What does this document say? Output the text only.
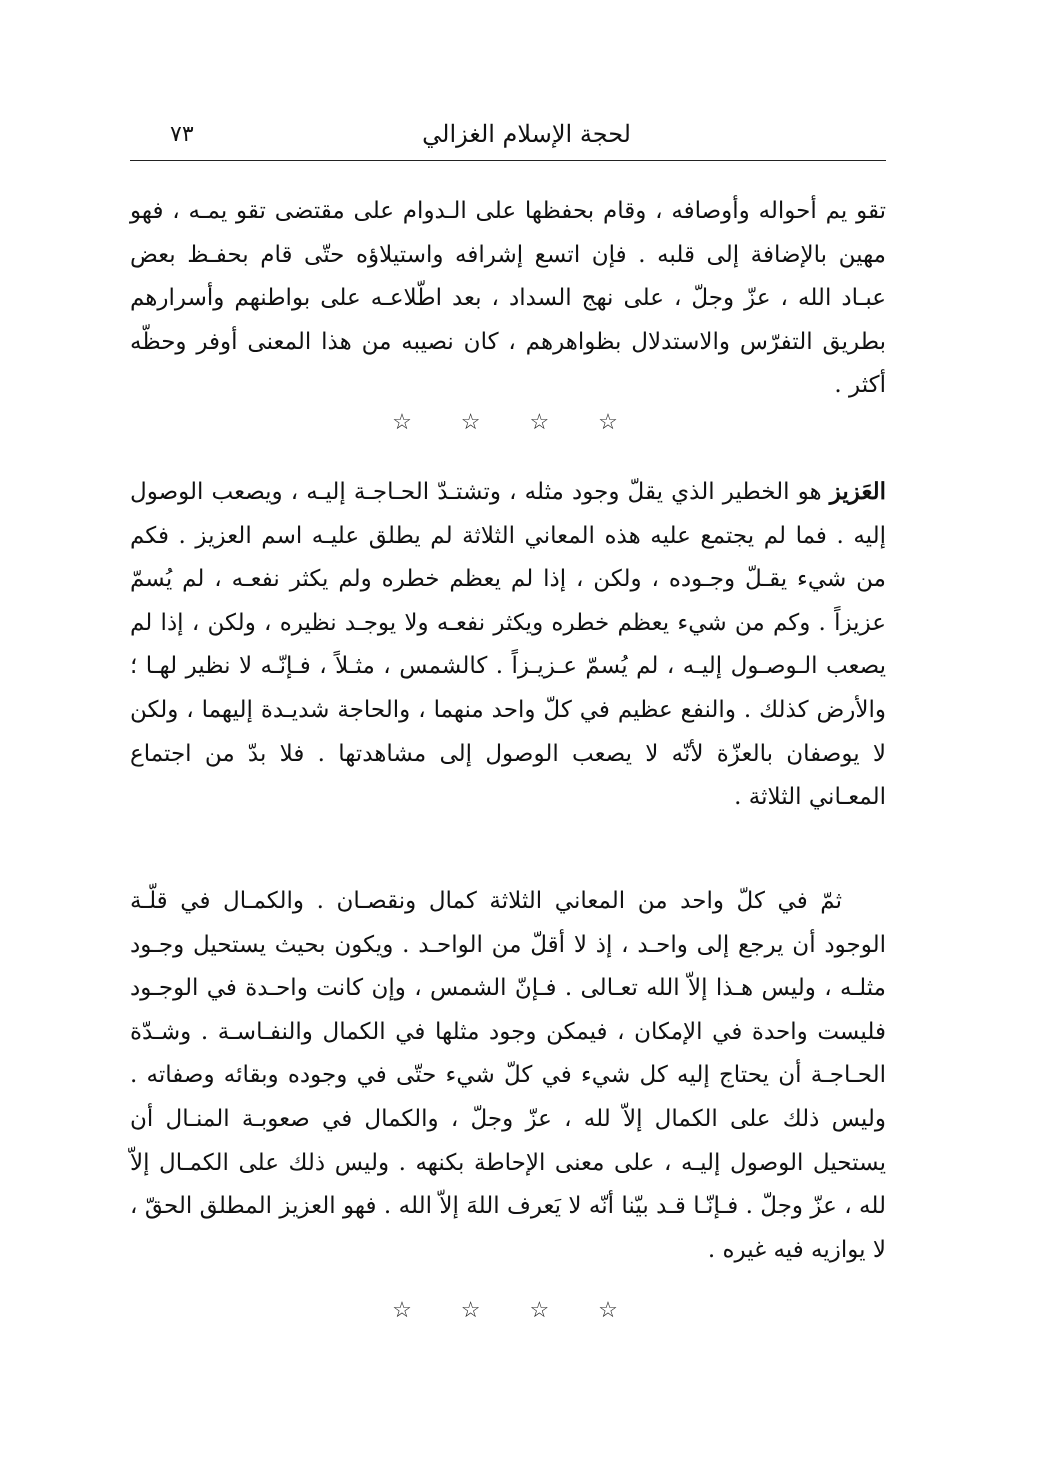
لحجة الإسلام الغزالي
٧٣

تقو يم أحواله وأوصافه ، وقام بحفظها على الـدوام على مقتضى تقو يمـه ، فهو مهين بالإضافة إلى قلبه . فإن اتسع إشرافه واستيلاؤه حتّى قام بحفـظ بعض عبـاد الله ، عزّ وجلّ ، على نهج السداد ، بعد اطّلاعـه على بواطنهم وأسرارهم بطريق التفرّس والاستدلال بظواهرهم ، كان نصيبه من هذا المعنى أوفر وحظّه أكثر .

☆ ☆ ☆ ☆

العَزيز هو الخطير الذي يقلّ وجود مثله ، وتشتـدّ الحـاجـة إليـه ، ويصعب الوصول إليه . فما لم يجتمع عليه هذه المعاني الثلاثة لم يطلق عليـه اسم العزيز . فكم من شيء يقـلّ وجـوده ، ولكن ، إذا لم يعظم خطره ولم يكثر نفعـه ، لم يُسمّ عزيزاً . وكم من شيء يعظم خطره ويكثر نفعـه ولا يوجـد نظيره ، ولكن ، إذا لم يصعب الـوصـول إليـه ، لم يُسمّ عـزيـزاً . كالشمس ، مثـلاً ، فـإنّـه لا نظير لهـا ؛ والأرض كذلك . والنفع عظيم في كلّ واحد منهما ، والحاجة شديـدة إليهما ، ولكن لا يوصفان بالعزّة لأنّه لا يصعب الوصول إلى مشاهدتها . فلا بدّ من اجتماع المعـاني الثلاثة .

ثمّ في كلّ واحد من المعاني الثلاثة كمال ونقصـان . والكمـال في قلّـة الوجود أن يرجع إلى واحـد ، إذ لا أقلّ من الواحـد . ويكون بحيث يستحيل وجـود مثلـه ، وليس هـذا إلاّ الله تعـالى . فـإنّ الشمس ، وإن كانت واحـدة في الوجـود فليست واحدة في الإمكان ، فيمكن وجود مثلها في الكمال والنفـاسـة . وشـدّة الحـاجـة أن يحتاج إليه كل شيء في كلّ شيء حتّى في وجوده وبقائه وصفاته . وليس ذلك على الكمال إلاّ لله ، عزّ وجلّ ، والكمال في صعوبـة المنـال أن يستحيل الوصول إليـه ، على معنى الإحاطة بكنهه . وليس ذلك على الكمـال إلاّ لله ، عزّ وجلّ . فـإنّـا قـد بيّنا أنّه لا يَعرف اللهَ إلاّ الله . فهو العزيز المطلق الحقّ ، لا يوازيه فيه غيره .

☆ ☆ ☆ ☆
